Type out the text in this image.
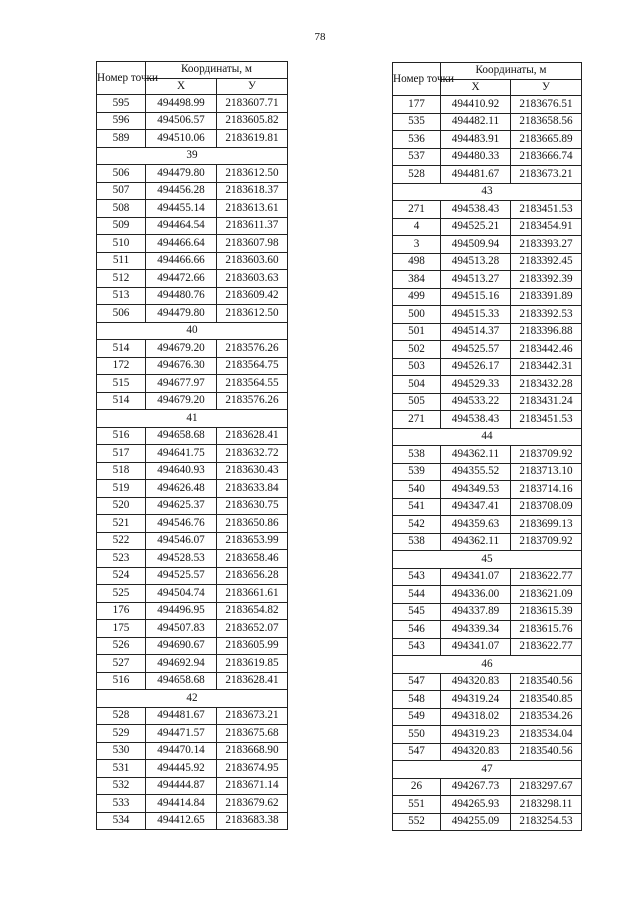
78
Номер точки	Координаты, м	
	X	У
595	494498.99	2183607.71
596	494506.57	2183605.82
589	494510.06	2183619.81
39		
506	494479.80	2183612.50
507	494456.28	2183618.37
508	494455.14	2183613.61
509	494464.54	2183611.37
510	494466.64	2183607.98
511	494466.66	2183603.60
512	494472.66	2183603.63
513	494480.76	2183609.42
506	494479.80	2183612.50
40		
514	494679.20	2183576.26
172	494676.30	2183564.75
515	494677.97	2183564.55
514	494679.20	2183576.26
41		
516	494658.68	2183628.41
517	494641.75	2183632.72
518	494640.93	2183630.43
519	494626.48	2183633.84
520	494625.37	2183630.75
521	494546.76	2183650.86
522	494546.07	2183653.99
523	494528.53	2183658.46
524	494525.57	2183656.28
525	494504.74	2183661.61
176	494496.95	2183654.82
175	494507.83	2183652.07
526	494690.67	2183605.99
527	494692.94	2183619.85
516	494658.68	2183628.41
42		
528	494481.67	2183673.21
529	494471.57	2183675.68
530	494470.14	2183668.90
531	494445.92	2183674.95
532	494444.87	2183671.14
533	494414.84	2183679.62
534	494412.65	2183683.38
Номер точки	Координаты, м	
	X	У
177	494410.92	2183676.51
535	494482.11	2183658.56
536	494483.91	2183665.89
537	494480.33	2183666.74
528	494481.67	2183673.21
43		
271	494538.43	2183451.53
4	494525.21	2183454.91
3	494509.94	2183393.27
498	494513.28	2183392.45
384	494513.27	2183392.39
499	494515.16	2183391.89
500	494515.33	2183392.53
501	494514.37	2183396.88
502	494525.57	2183442.46
503	494526.17	2183442.31
504	494529.33	2183432.28
505	494533.22	2183431.24
271	494538.43	2183451.53
44		
538	494362.11	2183709.92
539	494355.52	2183713.10
540	494349.53	2183714.16
541	494347.41	2183708.09
542	494359.63	2183699.13
538	494362.11	2183709.92
45		
543	494341.07	2183622.77
544	494336.00	2183621.09
545	494337.89	2183615.39
546	494339.34	2183615.76
543	494341.07	2183622.77
46		
547	494320.83	2183540.56
548	494319.24	2183540.85
549	494318.02	2183534.26
550	494319.23	2183534.04
547	494320.83	2183540.56
47		
26	494267.73	2183297.67
551	494265.93	2183298.11
552	494255.09	2183254.53
